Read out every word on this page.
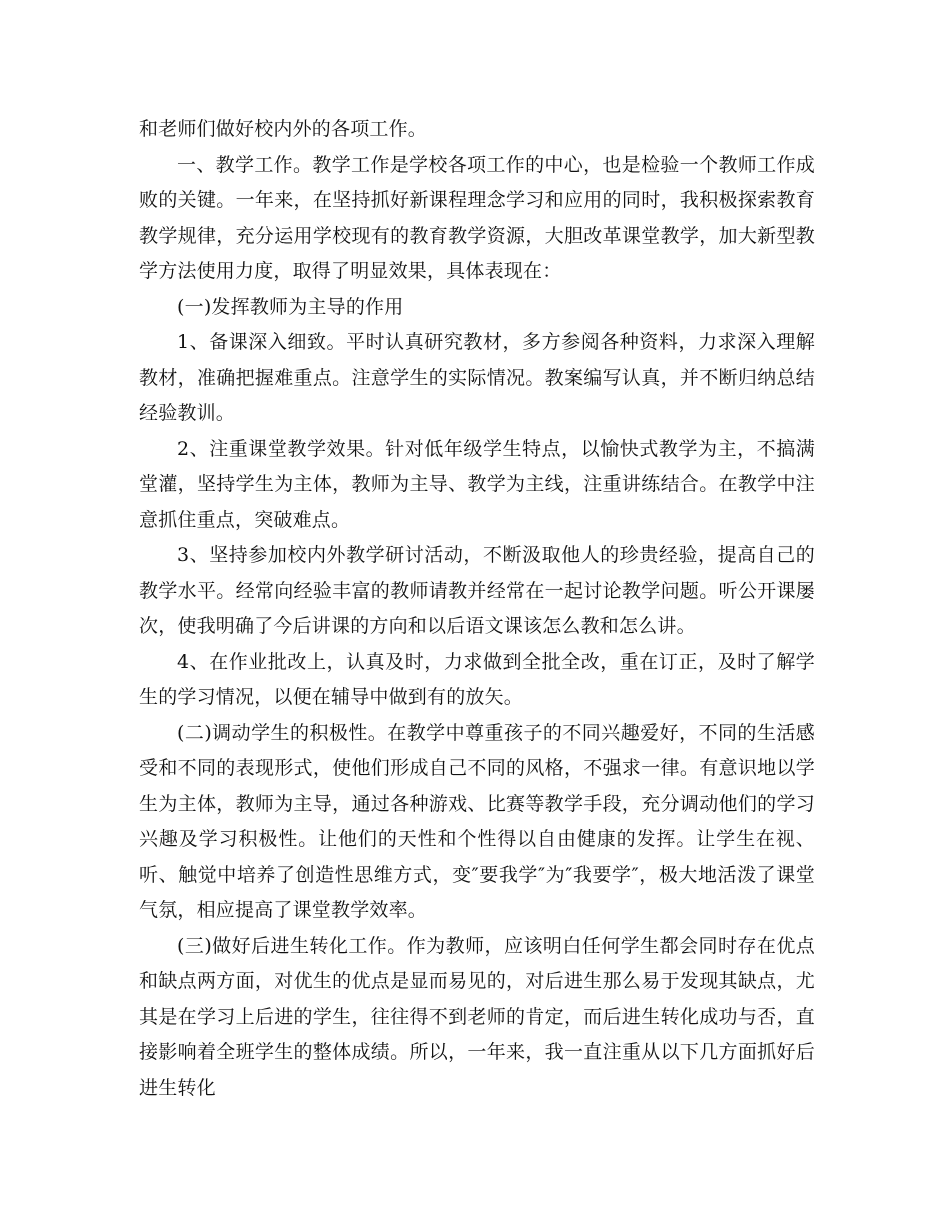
和老师们做好校内外的各项工作。

一、教学工作。教学工作是学校各项工作的中心，也是检验一个教师工作成败的关键。一年来，在坚持抓好新课程理念学习和应用的同时，我积极探索教育教学规律，充分运用学校现有的教育教学资源，大胆改革课堂教学，加大新型教学方法使用力度，取得了明显效果，具体表现在：

(一)发挥教师为主导的作用

1、备课深入细致。平时认真研究教材，多方参阅各种资料，力求深入理解教材，准确把握难重点。注意学生的实际情况。教案编写认真，并不断归纳总结经验教训。

2、注重课堂教学效果。针对低年级学生特点，以愉快式教学为主，不搞满堂灌，坚持学生为主体，教师为主导、教学为主线，注重讲练结合。在教学中注意抓住重点，突破难点。

3、坚持参加校内外教学研讨活动，不断汲取他人的珍贵经验，提高自己的教学水平。经常向经验丰富的教师请教并经常在一起讨论教学问题。听公开课屡次，使我明确了今后讲课的方向和以后语文课该怎么教和怎么讲。

4、在作业批改上，认真及时，力求做到全批全改，重在订正，及时了解学生的学习情况，以便在辅导中做到有的放矢。

(二)调动学生的积极性。在教学中尊重孩子的不同兴趣爱好，不同的生活感受和不同的表现形式，使他们形成自己不同的风格，不强求一律。有意识地以学生为主体，教师为主导，通过各种游戏、比赛等教学手段，充分调动他们的学习兴趣及学习积极性。让他们的天性和个性得以自由健康的发挥。让学生在视、听、触觉中培养了创造性思维方式，变″要我学″为″我要学″，极大地活泼了课堂气氛，相应提高了课堂教学效率。

(三)做好后进生转化工作。作为教师，应该明白任何学生都会同时存在优点和缺点两方面，对优生的优点是显而易见的，对后进生那么易于发现其缺点，尤其是在学习上后进的学生，往往得不到老师的肯定，而后进生转化成功与否，直接影响着全班学生的整体成绩。所以，一年来，我一直注重从以下几方面抓好后进生转化
